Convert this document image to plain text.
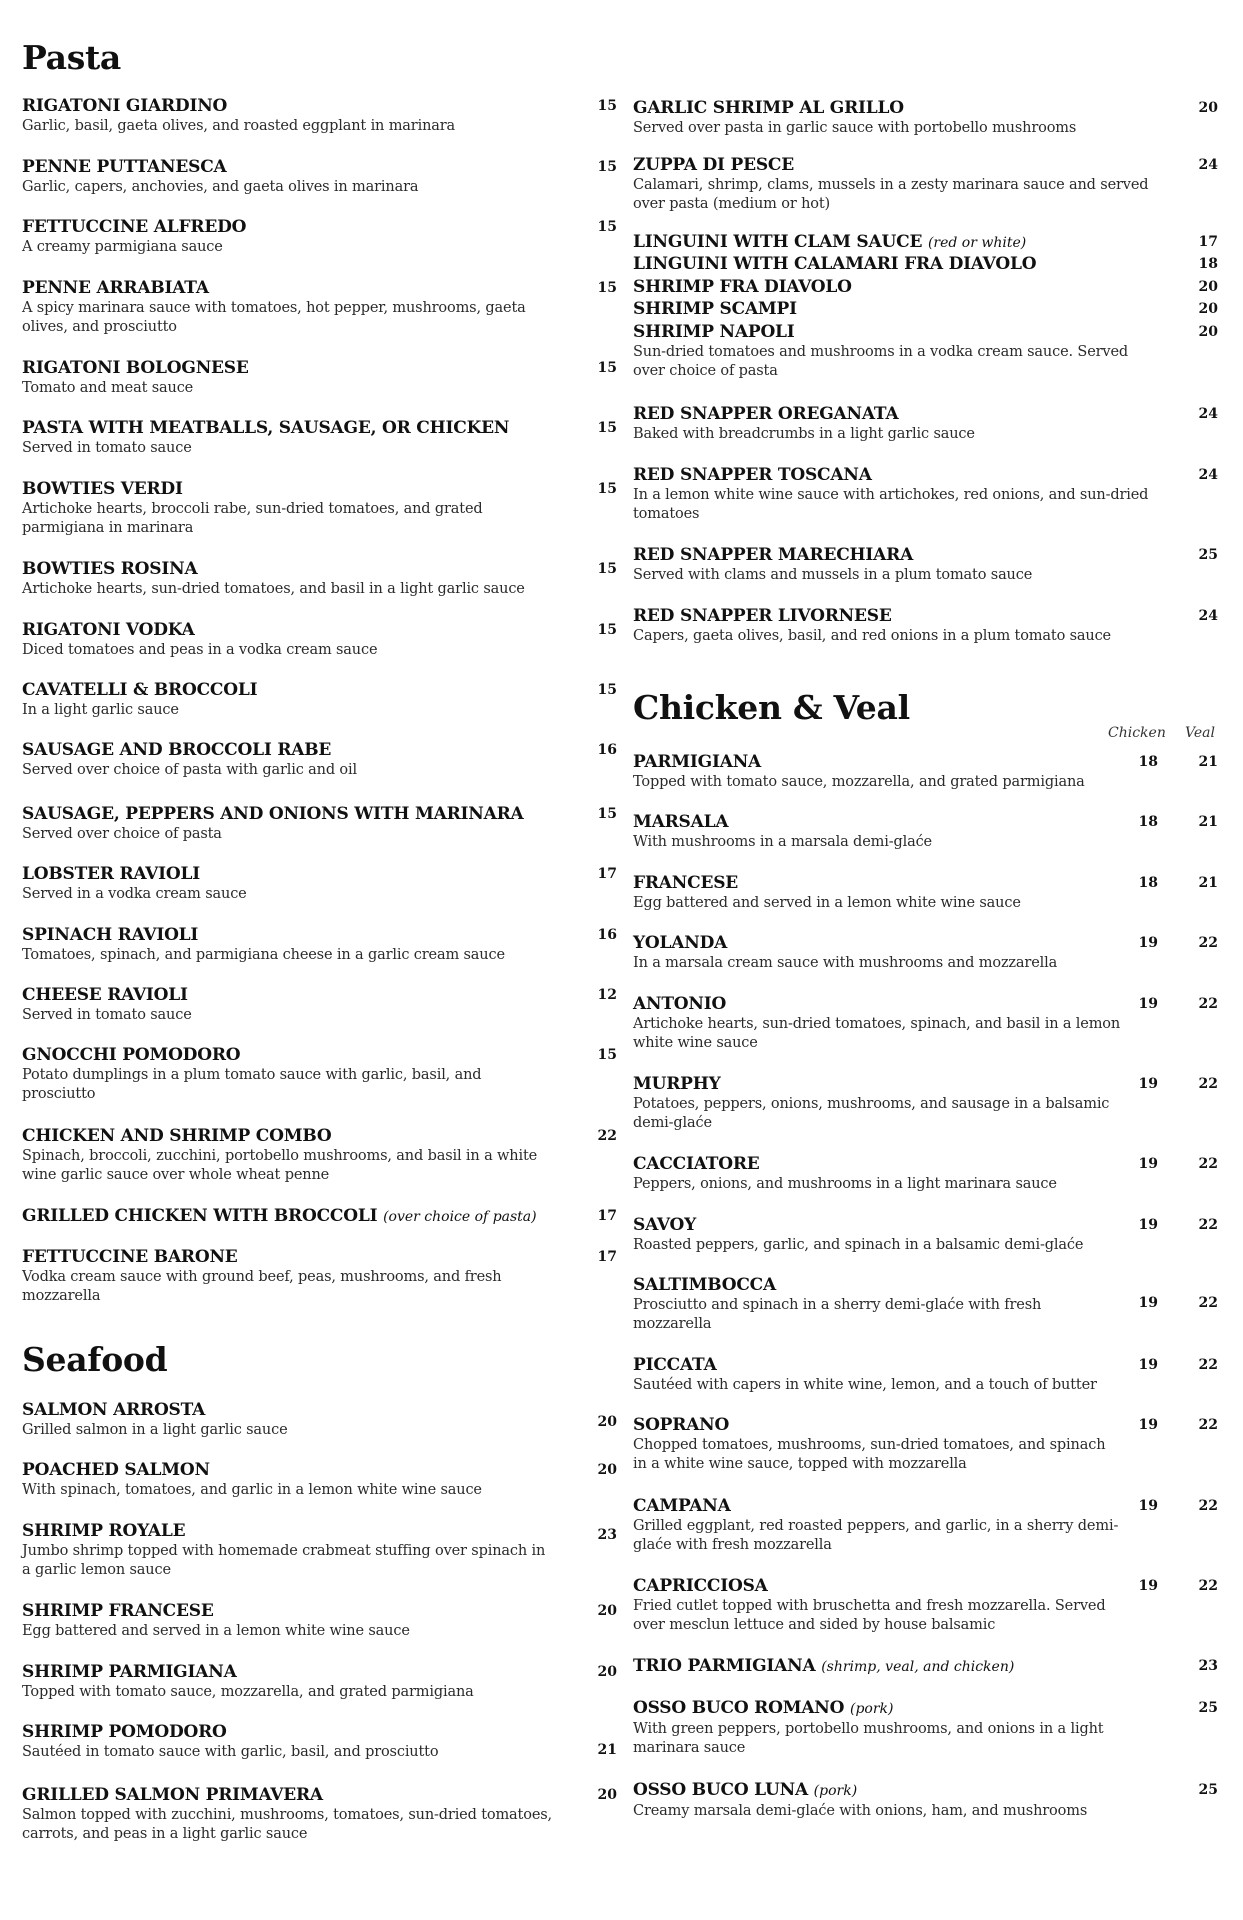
Pasta
RIGATONI GIARDINO
Garlic, basil, gaeta olives, and roasted eggplant in marinara
15
PENNE PUTTANESCA
Garlic, capers, anchovies, and gaeta olives in marinara
15
FETTUCCINE ALFREDO
A creamy parmigiana sauce
15
PENNE ARRABIATA
A spicy marinara sauce with tomatoes, hot pepper, mushrooms, gaeta olives, and prosciutto
15
RIGATONI BOLOGNESE
Tomato and meat sauce
15
PASTA WITH MEATBALLS, SAUSAGE, OR CHICKEN
Served in tomato sauce
15
BOWTIES VERDI
Artichoke hearts, broccoli rabe, sun-dried tomatoes, and grated parmigiana in marinara
15
BOWTIES ROSINA
Artichoke hearts, sun-dried tomatoes, and basil in a light garlic sauce
15
RIGATONI VODKA
Diced tomatoes and peas in a vodka cream sauce
15
CAVATELLI & BROCCOLI
In a light garlic sauce
15
SAUSAGE AND BROCCOLI RABE
Served over choice of pasta with garlic and oil
16
SAUSAGE, PEPPERS AND ONIONS WITH MARINARA
Served over choice of pasta
15
LOBSTER RAVIOLI
Served in a vodka cream sauce
17
SPINACH RAVIOLI
Tomatoes, spinach, and parmigiana cheese in a garlic cream sauce
16
CHEESE RAVIOLI
Served in tomato sauce
12
GNOCCHI POMODORO
Potato dumplings in a plum tomato sauce with garlic, basil, and prosciutto
15
CHICKEN AND SHRIMP COMBO
Spinach, broccoli, zucchini, portobello mushrooms, and basil in a white wine garlic sauce over whole wheat penne
22
GRILLED CHICKEN WITH BROCCOLI (over choice of pasta)	17
FETTUCCINE BARONE
Vodka cream sauce with ground beef, peas, mushrooms, and fresh mozzarella
17
Seafood
SALMON ARROSTA
Grilled salmon in a light garlic sauce	20
POACHED SALMON
With spinach, tomatoes, and garlic in a lemon white wine sauce
20
SHRIMP ROYALE
Jumbo shrimp topped with homemade crabmeat stuffing over spinach in a garlic lemon sauce
23
SHRIMP FRANCESE
Egg battered and served in a lemon white wine sauce
20
SHRIMP PARMIGIANA
Topped with tomato sauce, mozzarella, and grated parmigiana
20
SHRIMP POMODORO
Sautéed in tomato sauce with garlic, basil, and prosciutto	21
GRILLED SALMON PRIMAVERA
Salmon topped with zucchini, mushrooms, tomatoes, sun-dried tomatoes, carrots, and peas in a light garlic sauce
20
GARLIC SHRIMP AL GRILLO
Served over pasta in garlic sauce with portobello mushrooms
20
ZUPPA DI PESCE
Calamari, shrimp, clams, mussels in a zesty marinara sauce and served over pasta (medium or hot)
24
LINGUINI WITH CLAM SAUCE (red or white)	17
LINGUINI WITH CALAMARI FRA DIAVOLO	18
SHRIMP FRA DIAVOLO	20
SHRIMP SCAMPI	20
SHRIMP NAPOLI
Sun-dried tomatoes and mushrooms in a vodka cream sauce. Served over choice of pasta
20
RED SNAPPER OREGANATA
Baked with breadcrumbs in a light garlic sauce
24
RED SNAPPER TOSCANA
In a lemon white wine sauce with artichokes, red onions, and sun-dried tomatoes
24
RED SNAPPER MARECHIARA
Served with clams and mussels in a plum tomato sauce
25
RED SNAPPER LIVORNESE
Capers, gaeta olives, basil, and red onions in a plum tomato sauce
24
Chicken & Veal
Chicken Veal
PARMIGIANA
Topped with tomato sauce, mozzarella, and grated parmigiana
18	21
MARSALA
With mushrooms in a marsala demi-glaće
18	21
FRANCESE
Egg battered and served in a lemon white wine sauce
18	21
YOLANDA
In a marsala cream sauce with mushrooms and mozzarella
19	22
ANTONIO
Artichoke hearts, sun-dried tomatoes, spinach, and basil in a lemon white wine sauce
19	22
MURPHY
Potatoes, peppers, onions, mushrooms, and sausage in a balsamic demi-glaće
19	22
CACCIATORE
Peppers, onions, and mushrooms in a light marinara sauce
19	22
SAVOY
Roasted peppers, garlic, and spinach in a balsamic demi-glaće
19	22
SALTIMBOCCA
Prosciutto and spinach in a sherry demi-glaće with fresh mozzarella
19	22
PICCATA
Sautéed with capers in white wine, lemon, and a touch of butter
19	22
SOPRANO
Chopped tomatoes, mushrooms, sun-dried tomatoes, and spinach in a white wine sauce, topped with mozzarella
19	22
CAMPANA
Grilled eggplant, red roasted peppers, and garlic, in a sherry demi-glaće with fresh mozzarella
19	22
CAPRICCIOSA
Fried cutlet topped with bruschetta and fresh mozzarella. Served over mesclun lettuce and sided by house balsamic
19	22
TRIO PARMIGIANA (shrimp, veal, and chicken)	23
OSSO BUCO ROMANO (pork)
With green peppers, portobello mushrooms, and onions in a light marinara sauce
25
OSSO BUCO LUNA (pork)
Creamy marsala demi-glaće with onions, ham, and mushrooms
25
